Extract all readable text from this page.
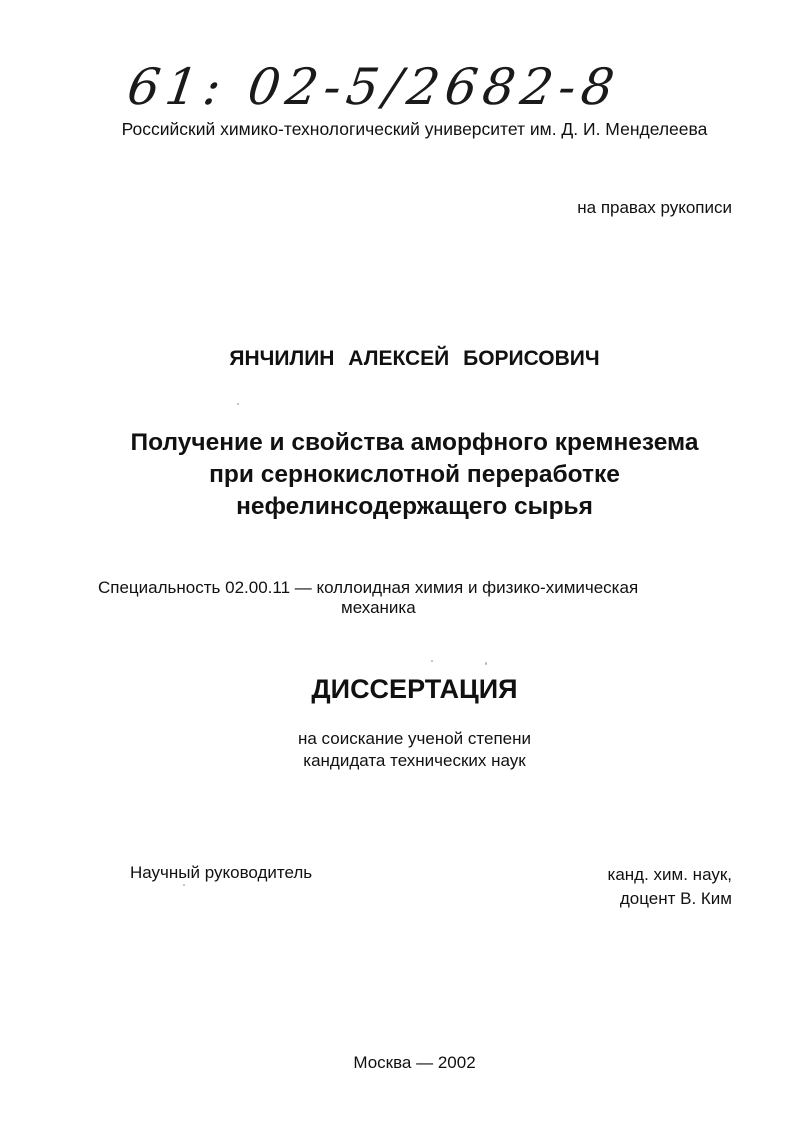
61: 02-5/2682-8
Российский химико-технологический университет им. Д. И. Менделеева
на правах рукописи
ЯНЧИЛИН АЛЕКСЕЙ БОРИСОВИЧ
Получение и свойства аморфного кремнезема
при сернокислотной переработке
нефелинсодержащего сырья
Специальность 02.00.11 — коллоидная химия и физико-химическая
механика
ДИССЕРТАЦИЯ
на соискание ученой степени
кандидата технических наук
Научный руководитель	канд. хим. наук,
доцент В. Ким
Москва — 2002
